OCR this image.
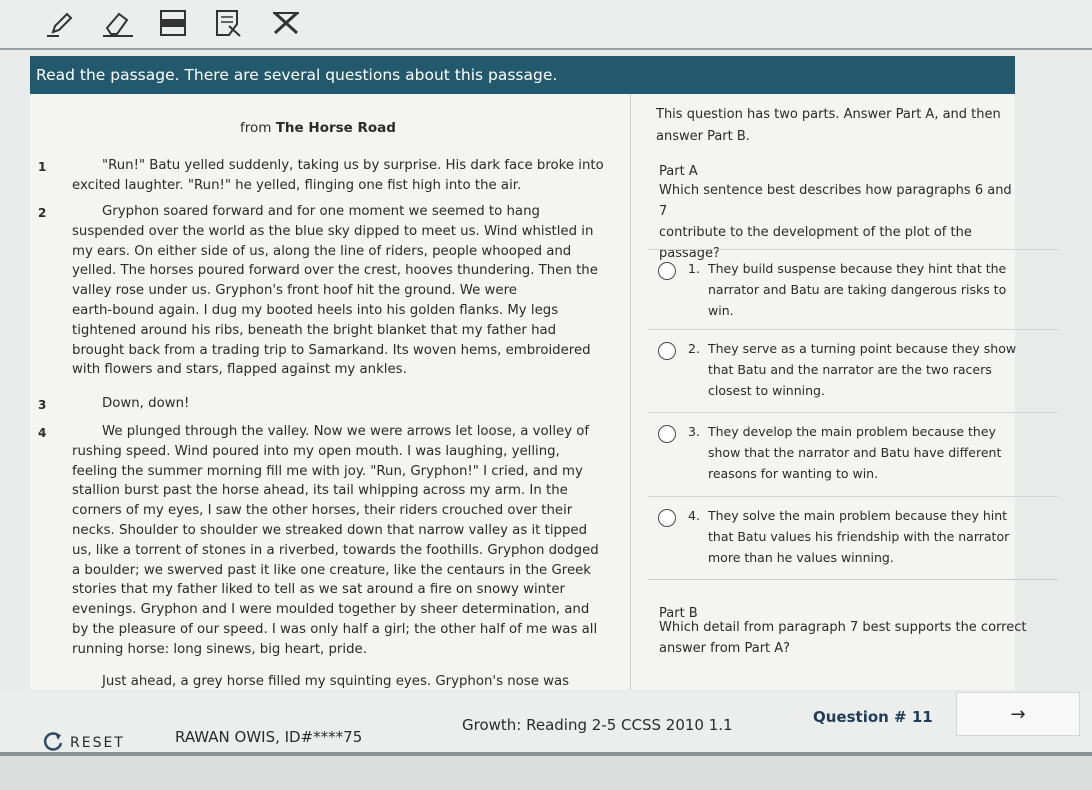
Read the passage. There are several questions about this passage.
from The Horse Road
1	"Run!" Batu yelled suddenly, taking us by surprise. His dark face broke into
excited laughter. "Run!" he yelled, flinging one fist high into the air.
2	Gryphon soared forward and for one moment we seemed to hang
suspended over the world as the blue sky dipped to meet us. Wind whistled in
my ears. On either side of us, along the line of riders, people whooped and
yelled. The horses poured forward over the crest, hooves thundering. Then the
valley rose under us. Gryphon's front hoof hit the ground. We were
earth-bound again. I dug my booted heels into his golden flanks. My legs
tightened around his ribs, beneath the bright blanket that my father had
brought back from a trading trip to Samarkand. Its woven hems, embroidered
with flowers and stars, flapped against my ankles.
3	Down, down!
4	We plunged through the valley. Now we were arrows let loose, a volley of
rushing speed. Wind poured into my open mouth. I was laughing, yelling,
feeling the summer morning fill me with joy. "Run, Gryphon!" I cried, and my
stallion burst past the horse ahead, its tail whipping across my arm. In the
corners of my eyes, I saw the other horses, their riders crouched over their
necks. Shoulder to shoulder we streaked down that narrow valley as it tipped
us, like a torrent of stones in a riverbed, towards the foothills. Gryphon dodged
a boulder; we swerved past it like one creature, like the centaurs in the Greek
stories that my father liked to tell as we sat around a fire on snowy winter
evenings. Gryphon and I were moulded together by sheer determination, and
by the pleasure of our speed. I was only half a girl; the other half of me was all
running horse: long sinews, big heart, pride.
Just ahead, a grey horse filled my squinting eyes. Gryphon's nose was
This question has two parts. Answer Part A, and then
answer Part B.
Part A
Which sentence best describes how paragraphs 6 and 7
contribute to the development of the plot of the
passage?
1. They build suspense because they hint that the
narrator and Batu are taking dangerous risks to
win.
2. They serve as a turning point because they show
that Batu and the narrator are the two racers
closest to winning.
3. They develop the main problem because they
show that the narrator and Batu have different
reasons for wanting to win.
4. They solve the main problem because they hint
that Batu values his friendship with the narrator
more than he values winning.
Part B
Which detail from paragraph 7 best supports the correct
answer from Part A?
RESET	RAWAN OWIS, ID#****75
Growth: Reading 2-5 CCSS 2010 1.1	Question # 11	→
